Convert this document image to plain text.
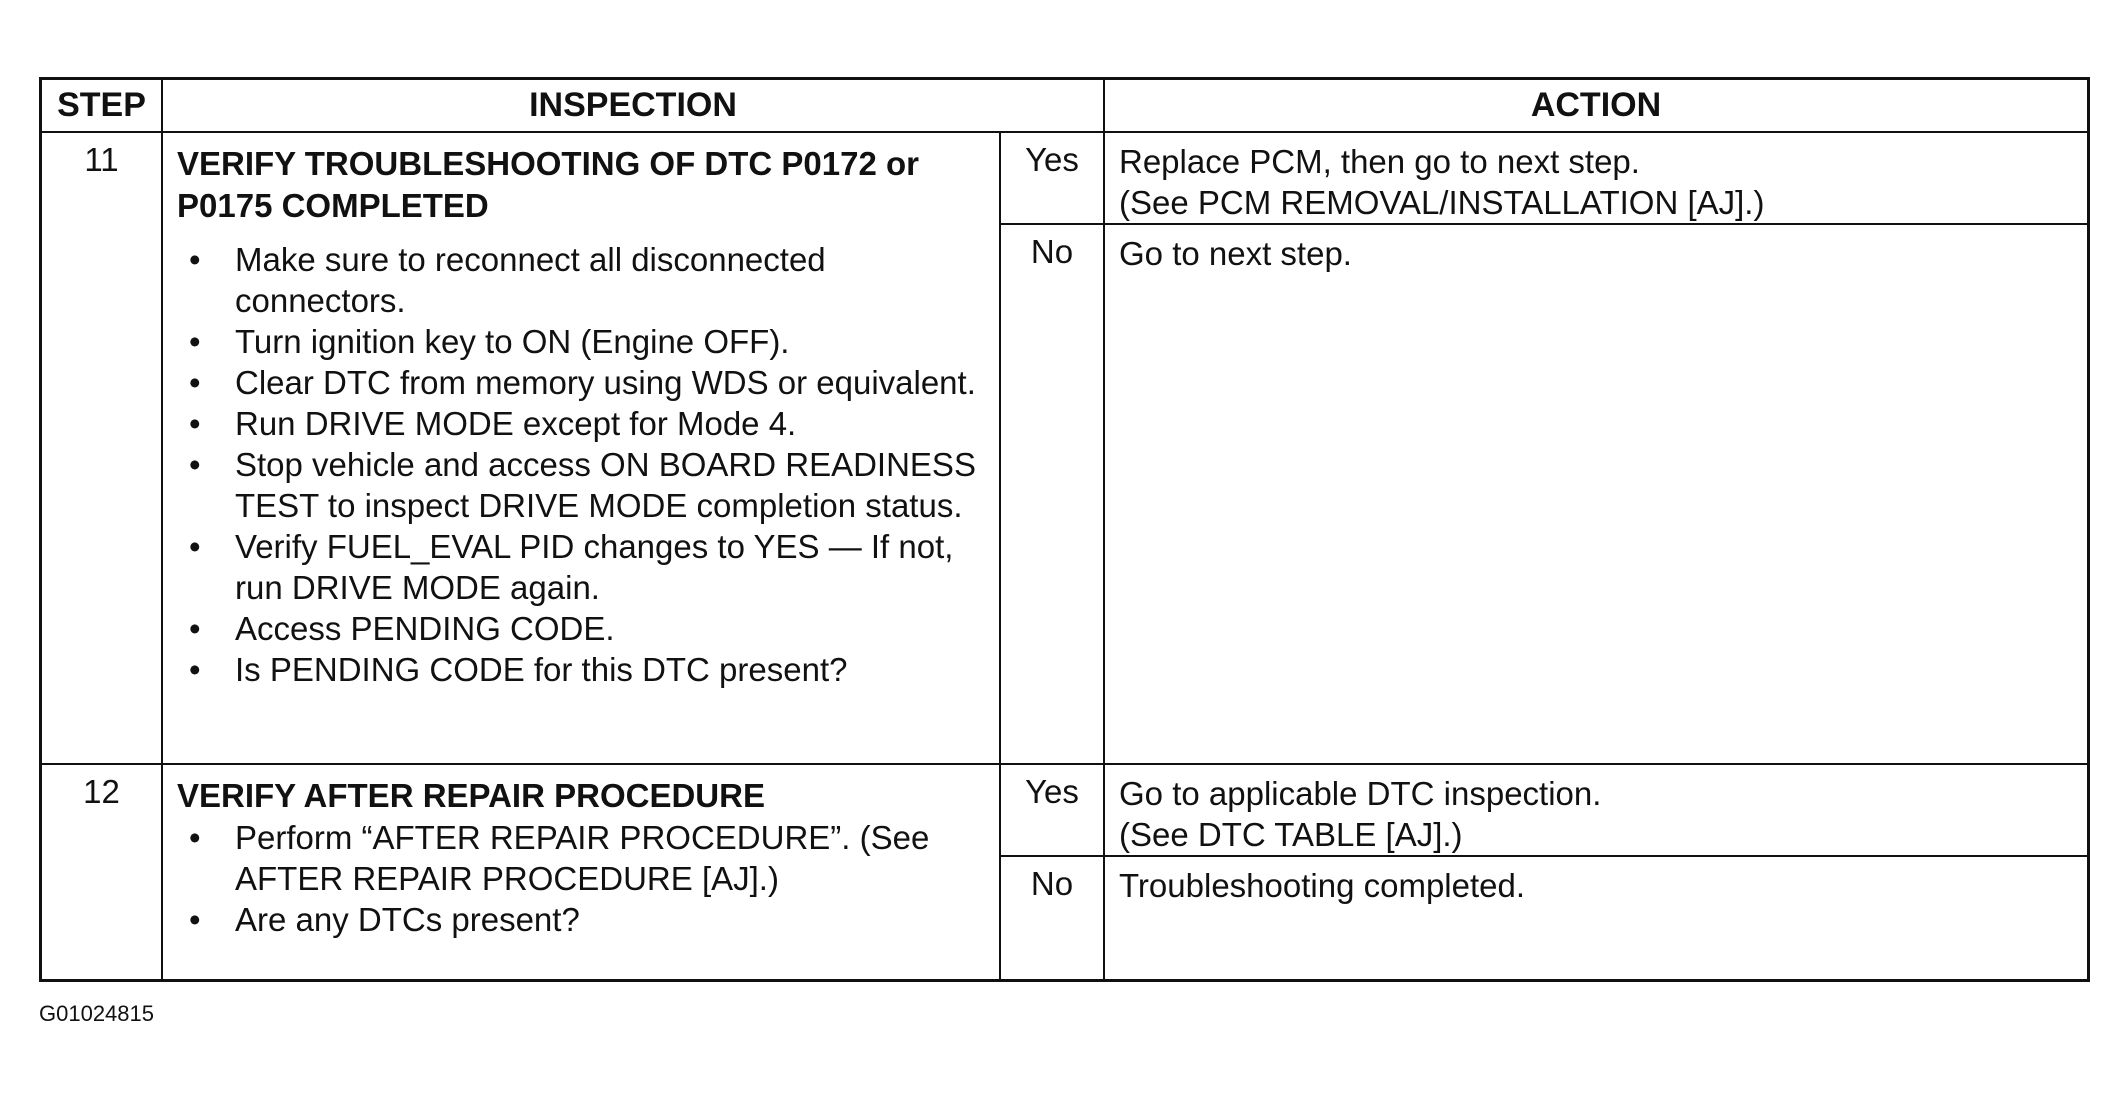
STEP	INSPECTION	ACTION
11	VERIFY TROUBLESHOOTING OF DTC P0172 or P0175 COMPLETED
• Make sure to reconnect all disconnected connectors.
• Turn ignition key to ON (Engine OFF).
• Clear DTC from memory using WDS or equivalent.
• Run DRIVE MODE except for Mode 4.
• Stop vehicle and access ON BOARD READINESS TEST to inspect DRIVE MODE completion status.
• Verify FUEL_EVAL PID changes to YES — If not, run DRIVE MODE again.
• Access PENDING CODE.
• Is PENDING CODE for this DTC present?
Yes	Replace PCM, then go to next step.
(See PCM REMOVAL/INSTALLATION [AJ].)
No	Go to next step.
12	VERIFY AFTER REPAIR PROCEDURE
• Perform “AFTER REPAIR PROCEDURE”. (See AFTER REPAIR PROCEDURE [AJ].)
• Are any DTCs present?
Yes	Go to applicable DTC inspection.
(See DTC TABLE [AJ].)
No	Troubleshooting completed.
G01024815
